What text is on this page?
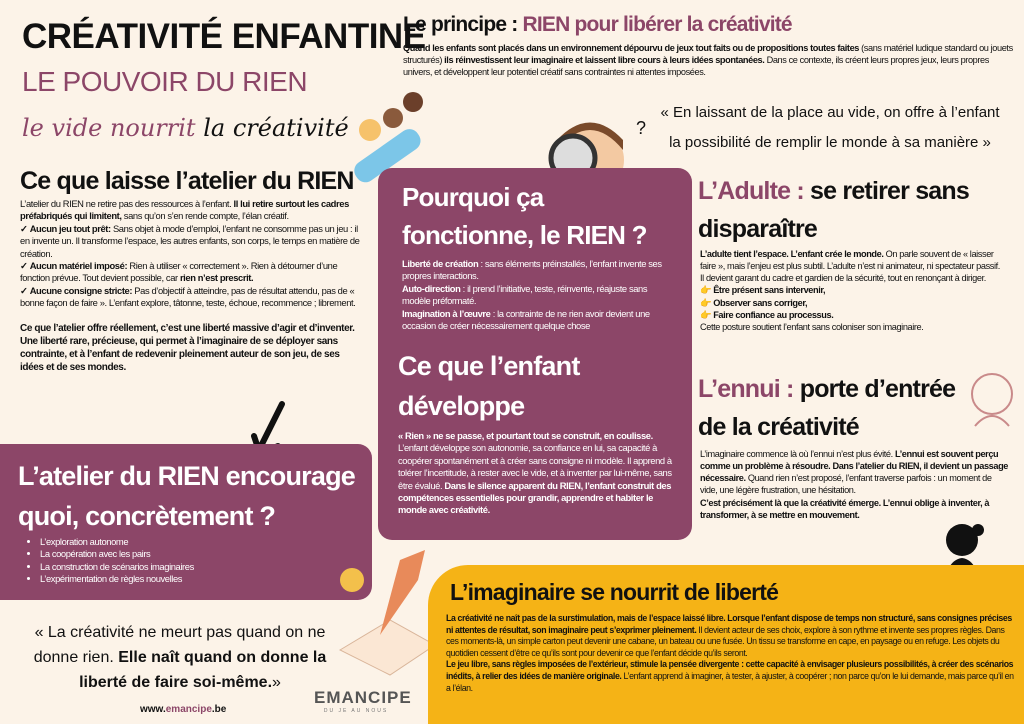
CRÉATIVITÉ ENFANTINE
LE POUVOIR DU RIEN
le vide nourrit la créativité	?
Le principe : RIEN pour libérer la créativité

Quand les enfants sont placés dans un environnement dépourvu de jeux tout faits ou de propositions toutes faites (sans matériel ludique standard ou jouets structurés) ils réinvestissent leur imaginaire et laissent libre cours à leurs idées spontanées. Dans ce contexte, ils créent leurs propres jeux, leurs propres univers, et développent leur potentiel créatif sans contraintes ni attentes imposées.

« En laissant de la place au vide, on offre à l’enfant
la possibilité de remplir le monde à sa manière »
Ce que laisse l’atelier du RIEN

L’atelier du RIEN ne retire pas des ressources à l’enfant. Il lui retire surtout les cadres préfabriqués qui limitent, sans qu’on s’en rende compte, l’élan créatif.

✓ Aucun jeu tout prêt: Sans objet à mode d’emploi, l’enfant ne consomme pas un jeu : il en invente un. Il transforme l’espace, les autres enfants, son corps, le temps en matière de création.

✓ Aucun matériel imposé: Rien à utiliser « correctement ». Rien à détourner d’une fonction prévue. Tout devient possible, car rien n’est prescrit.

✓ Aucune consigne stricte: Pas d’objectif à atteindre, pas de résultat attendu, pas de « bonne façon de faire ». L’enfant explore, tâtonne, teste, échoue, recommence ; librement.

Ce que l’atelier offre réellement, c’est une liberté massive d’agir et d’inventer. Une liberté rare, précieuse, qui permet à l’imaginaire de se déployer sans contrainte, et à l’enfant de redevenir pleinement auteur de son jeu, de ses idées et de ses mondes.

Pourquoi ça fonctionne, le RIEN ?

Liberté de création : sans éléments préinstallés, l’enfant invente ses propres interactions.

Auto-direction : il prend l’initiative, teste, réinvente, réajuste sans modèle préformaté.

Imagination à l’œuvre : la contrainte de ne rien avoir devient une occasion de créer nécessairement quelque chose

Ce que l’enfant développe

« Rien » ne se passe, et pourtant tout se construit, en coulisse. L’enfant développe son autonomie, sa confiance en lui, sa capacité à coopérer spontanément et à créer sans consigne ni modèle. Il apprend à tolérer l’incertitude, à rester avec le vide, et à inventer par lui-même, sans être évalué. Dans le silence apparent du RIEN, l’enfant construit des compétences essentielles pour grandir, apprendre et habiter le monde avec créativité.

L’Adulte : se retirer sans disparaître

L’adulte tient l’espace. L’enfant crée le monde. On parle souvent de « laisser faire », mais l’enjeu est plus subtil. L’adulte n’est ni animateur, ni spectateur passif. Il devient garant du cadre et gardien de la sécurité, tout en renonçant à diriger.

👉 Être présent sans intervenir,

👉 Observer sans corriger,

👉 Faire confiance au processus.

Cette posture soutient l’enfant sans coloniser son imaginaire.

L’ennui : porte d’entrée de la créativité

L’imaginaire commence là où l’ennui n’est plus évité. L’ennui est souvent perçu comme un problème à résoudre. Dans l’atelier du RIEN, il devient un passage nécessaire. Quand rien n’est proposé, l’enfant traverse parfois : un moment de vide, une légère frustration, une hésitation.
C’est précisément là que la créativité émerge. L’ennui oblige à inventer, à transformer, à se mettre en mouvement.

L’atelier du RIEN encourage quoi, concrètement ?
• L’exploration autonome
• La coopération avec les pairs
• La construction de scénarios imaginaires
• L’expérimentation de règles nouvelles

« La créativité ne meurt pas quand on ne donne rien. Elle naît quand on donne la liberté de faire soi-même.»

www.emancipe.be
EMANCIPE
DU JE AU NOUS
L’imaginaire se nourrit de liberté

La créativité ne naît pas de la surstimulation, mais de l’espace laissé libre. Lorsque l’enfant dispose de temps non structuré, sans consignes précises ni attentes de résultat, son imaginaire peut s’exprimer pleinement. Il devient acteur de ses choix, explore à son rythme et invente ses propres règles. Dans ces moments-là, un simple carton peut devenir une cabane, un bateau ou une fusée. Un tissu se transforme en cape, en paysage ou en refuge. Les objets du quotidien cessent d’être ce qu’ils sont pour devenir ce que l’enfant décide qu’ils seront.
Le jeu libre, sans règles imposées de l’extérieur, stimule la pensée divergente : cette capacité à envisager plusieurs possibilités, à créer des scénarios inédits, à relier des idées de manière originale. L’enfant apprend à imaginer, à tester, à ajuster, à coopérer ; non parce qu’on le lui demande, mais parce qu’il en a l’élan.
